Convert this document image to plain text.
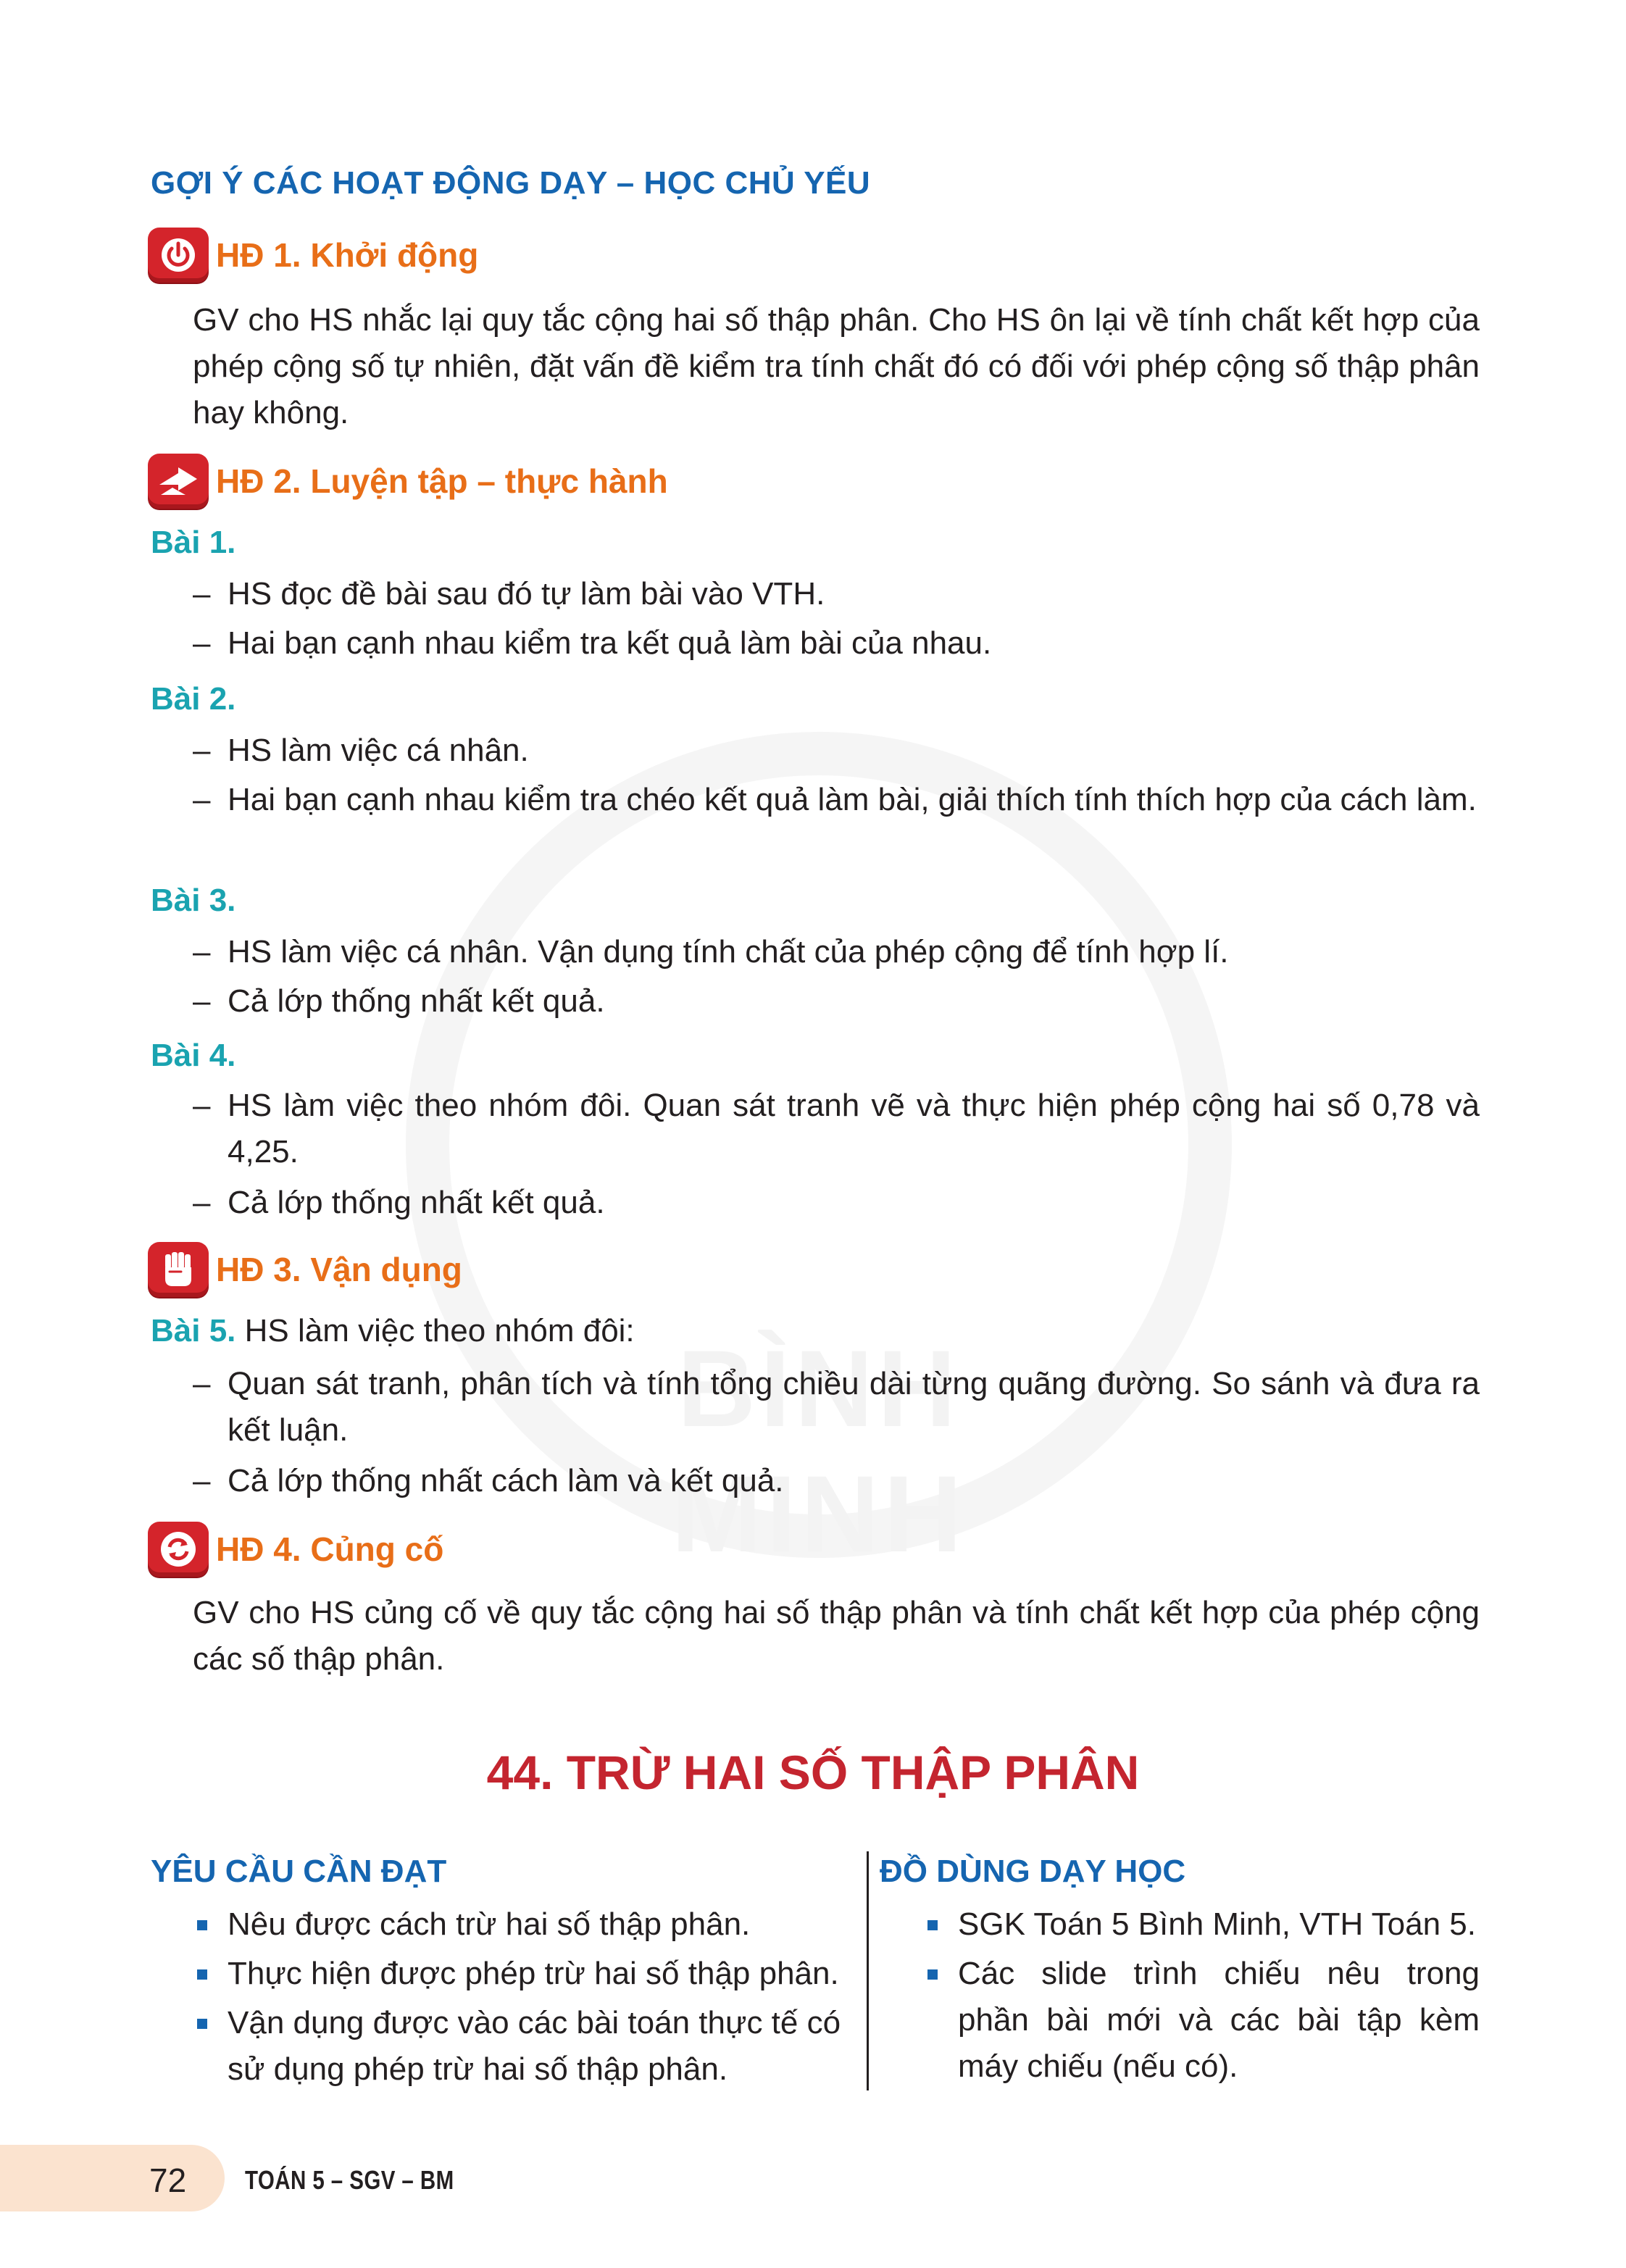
BÌNH MINH
GỢI Ý CÁC HOẠT ĐỘNG DẠY – HỌC CHỦ YẾU
HĐ 1. Khởi động
GV cho HS nhắc lại quy tắc cộng hai số thập phân. Cho HS ôn lại về tính chất kết hợp của phép cộng số tự nhiên, đặt vấn đề kiểm tra tính chất đó có đối với phép cộng số thập phân hay không.
HĐ 2. Luyện tập – thực hành
Bài 1.
– HS đọc đề bài sau đó tự làm bài vào VTH.
– Hai bạn cạnh nhau kiểm tra kết quả làm bài của nhau.
Bài 2.
– HS làm việc cá nhân.
– Hai bạn cạnh nhau kiểm tra chéo kết quả làm bài, giải thích tính thích hợp của cách làm.
Bài 3.
– HS làm việc cá nhân. Vận dụng tính chất của phép cộng để tính hợp lí.
– Cả lớp thống nhất kết quả.
Bài 4.
– HS làm việc theo nhóm đôi. Quan sát tranh vẽ và thực hiện phép cộng hai số 0,78 và 4,25.
– Cả lớp thống nhất kết quả.
HĐ 3. Vận dụng
Bài 5. HS làm việc theo nhóm đôi:
– Quan sát tranh, phân tích và tính tổng chiều dài từng quãng đường. So sánh và đưa ra kết luận.
– Cả lớp thống nhất cách làm và kết quả.
HĐ 4. Củng cố
GV cho HS củng cố về quy tắc cộng hai số thập phân và tính chất kết hợp của phép cộng các số thập phân.
44. TRỪ HAI SỐ THẬP PHÂN
YÊU CẦU CẦN ĐẠT
Nêu được cách trừ hai số thập phân.
Thực hiện được phép trừ hai số thập phân.
Vận dụng được vào các bài toán thực tế có
sử dụng phép trừ hai số thập phân.
ĐỒ DÙNG DẠY HỌC
SGK Toán 5 Bình Minh, VTH Toán 5.
Các slide trình chiếu nêu trong
phần bài mới và các bài tập kèm
máy chiếu (nếu có).
72 TOÁN 5 – SGV – BM
